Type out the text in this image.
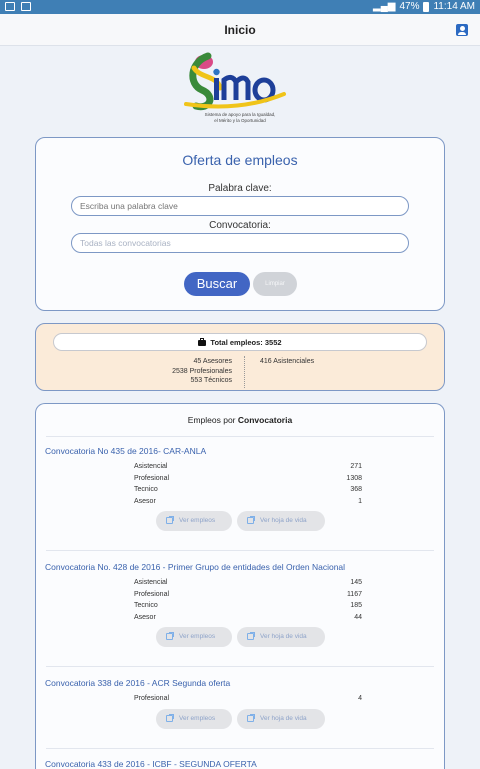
▂▄▆ 47% 11:14 AM
Inicio
Sistema de apoyo para la Igualdad,
el Mérito y la Oportunidad
Oferta de empleos
Palabra clave:
Escriba una palabra clave
Convocatoria:
Todas las convocatorias
Buscar	Limpiar
Total empleos: 3552
45 Asesores
2538 Profesionales
553 Técnicos
416 Asistenciales
Empleos por Convocatoria
Convocatoria No 435 de 2016- CAR-ANLA
Asistencial	271
Profesional	1308
Tecnico	368
Asesor	1
Ver empleos	Ver hoja de vida
Convocatoria No. 428 de 2016 - Primer Grupo de entidades del Orden Nacional
Asistencial	145
Profesional	1167
Tecnico	185
Asesor	44
Ver empleos	Ver hoja de vida
Convocatoria 338 de 2016 - ACR Segunda oferta
Profesional	4
Ver empleos	Ver hoja de vida
Convocatoria 433 de 2016 - ICBF - SEGUNDA OFERTA
